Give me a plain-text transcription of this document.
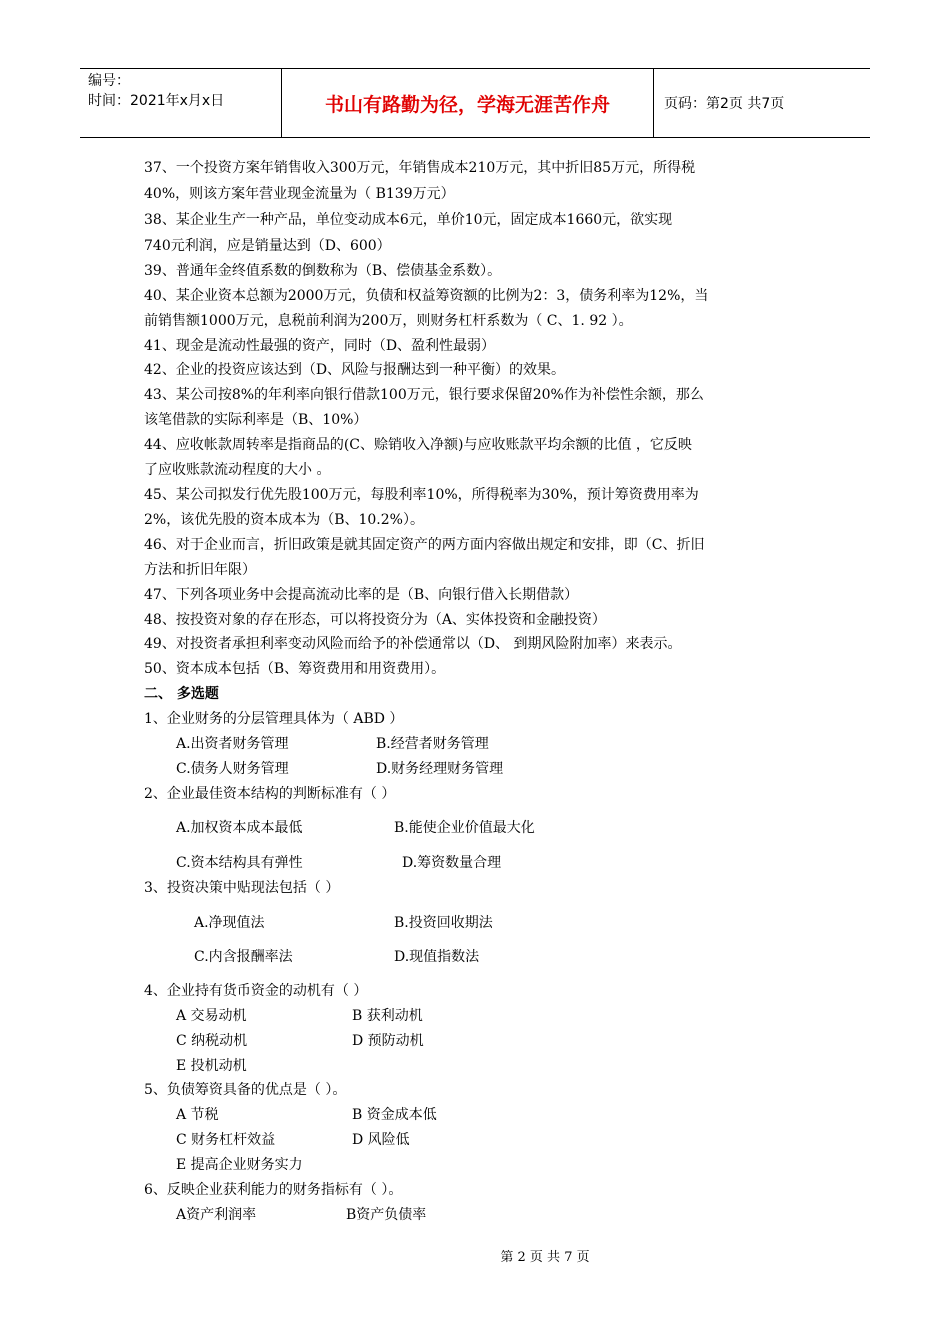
编号：
时间：2021年x月x日	书山有路勤为径，学海无涯苦作舟	页码：第2页 共7页
37、一个投资方案年销售收入300万元，年销售成本210万元，其中折旧85万元，所得税
40%，则该方案年营业现金流量为（ B139万元）
38、某企业生产一种产品，单位变动成本6元，单价10元，固定成本1660元，欲实现
740元利润，应是销量达到（D、600）
39、普通年金终值系数的倒数称为（B、偿债基金系数）。
40、某企业资本总额为2000万元，负债和权益筹资额的比例为2：3，债务利率为12%，当
前销售额1000万元，息税前利润为200万，则财务杠杆系数为（ C、1. 92 ）。
41、现金是流动性最强的资产，同时（D、盈利性最弱）
42、企业的投资应该达到（D、风险与报酬达到一种平衡）的效果。
43、某公司按8%的年利率向银行借款100万元，银行要求保留20%作为补偿性余额，那么
该笔借款的实际利率是（B、10%）
44、应收帐款周转率是指商品的(C、赊销收入净额)与应收账款平均余额的比值 ，它反映
了应收账款流动程度的大小 。
45、某公司拟发行优先股100万元，每股利率10%，所得税率为30%，预计筹资费用率为
2%，该优先股的资本成本为（B、10.2%）。
46、对于企业而言，折旧政策是就其固定资产的两方面内容做出规定和安排，即（C、折旧
方法和折旧年限）
47、下列各项业务中会提高流动比率的是（B、向银行借入长期借款）
48、按投资对象的存在形态，可以将投资分为（A、实体投资和金融投资）
49、对投资者承担利率变动风险而给予的补偿通常以（D、 到期风险附加率）来表示。
50、资本成本包括（B、筹资费用和用资费用）。
二、 多选题
1、企业财务的分层管理具体为（ ABD ）
A.出资者财务管理	B.经营者财务管理
C.债务人财务管理	D.财务经理财务管理
2、企业最佳资本结构的判断标准有（ ）
A.加权资本成本最低	B.能使企业价值最大化
C.资本结构具有弹性	D.筹资数量合理
3、投资决策中贴现法包括（ ）
A.净现值法	B.投资回收期法
C.内含报酬率法	D.现值指数法
4、企业持有货币资金的动机有（ ）
A 交易动机	B 获利动机
C 纳税动机	D 预防动机
E 投机动机
5、负债筹资具备的优点是（ ）。
A 节税	B 资金成本低
C 财务杠杆效益	D 风险低
E 提高企业财务实力
6、反映企业获利能力的财务指标有（ ）。
A资产利润率	B资产负债率
第 2 页 共 7 页
